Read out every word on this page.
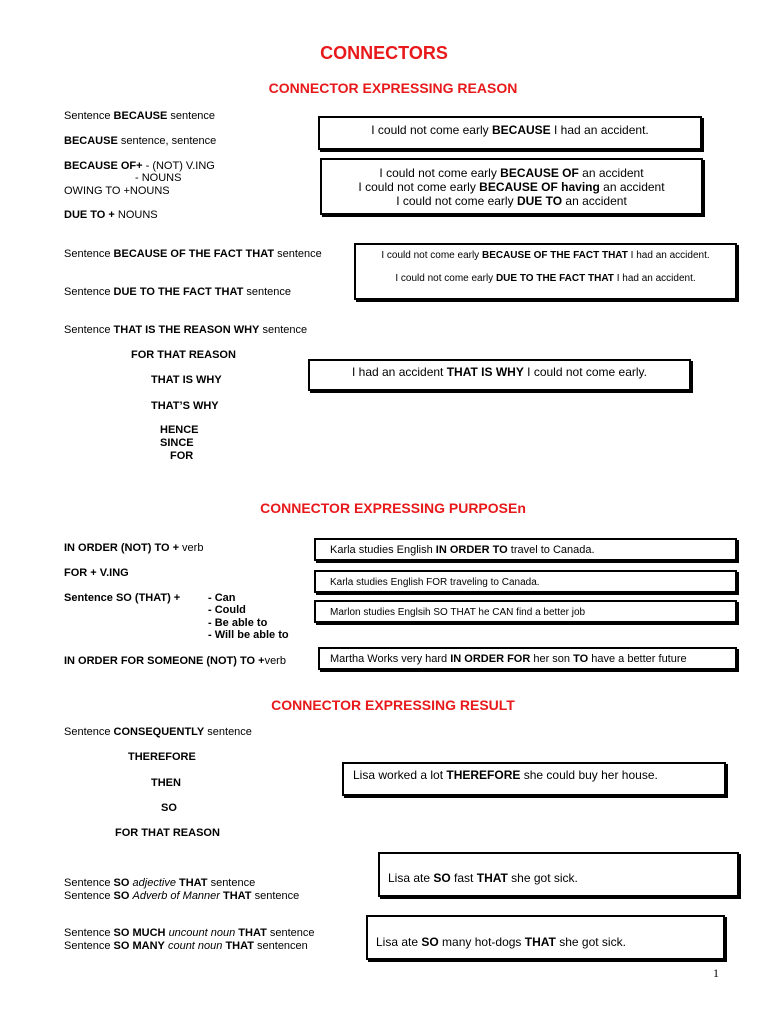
CONNECTORS
CONNECTOR EXPRESSING REASON
Sentence BECAUSE sentence
BECAUSE sentence, sentence
BECAUSE OF+ - (NOT) V.ING
- NOUNS
OWING TO +NOUNS
DUE TO + NOUNS
Sentence BECAUSE OF THE FACT THAT sentence
Sentence DUE TO THE FACT THAT sentence
Sentence THAT IS THE REASON WHY sentence
FOR THAT REASON
THAT IS WHY
THAT’S WHY
HENCE
SINCE
FOR
I could not come early BECAUSE I had an accident.
I could not come early BECAUSE OF an accident
I could not come early BECAUSE OF having an accident
I could not come early DUE TO an accident
I could not come early BECAUSE OF THE FACT THAT I had an accident.
I could not come early DUE TO THE FACT THAT I had an accident.
I had an accident THAT IS WHY I could not come early.
CONNECTOR EXPRESSING PURPOSEn
IN ORDER (NOT) TO + verb
FOR + V.ING
Sentence SO (THAT) +	- Can
- Could
- Be able to
- Will be able to
IN ORDER FOR SOMEONE (NOT) TO +verb
Karla studies English IN ORDER TO travel to Canada.
Karla studies English FOR traveling to Canada.
Marlon studies Englsih SO THAT he CAN find a better job
Martha Works very hard IN ORDER FOR her son TO have a better future
CONNECTOR EXPRESSING RESULT
Sentence CONSEQUENTLY sentence
THEREFORE
THEN
SO
FOR THAT REASON
Sentence SO adjective THAT sentence
Sentence SO Adverb of Manner THAT sentence
Sentence SO MUCH uncount noun THAT sentence
Sentence SO MANY count noun THAT sentencen
Lisa worked a lot THEREFORE she could buy her house.
Lisa ate SO fast THAT she got sick.
Lisa ate SO many hot-dogs THAT she got sick.
1
